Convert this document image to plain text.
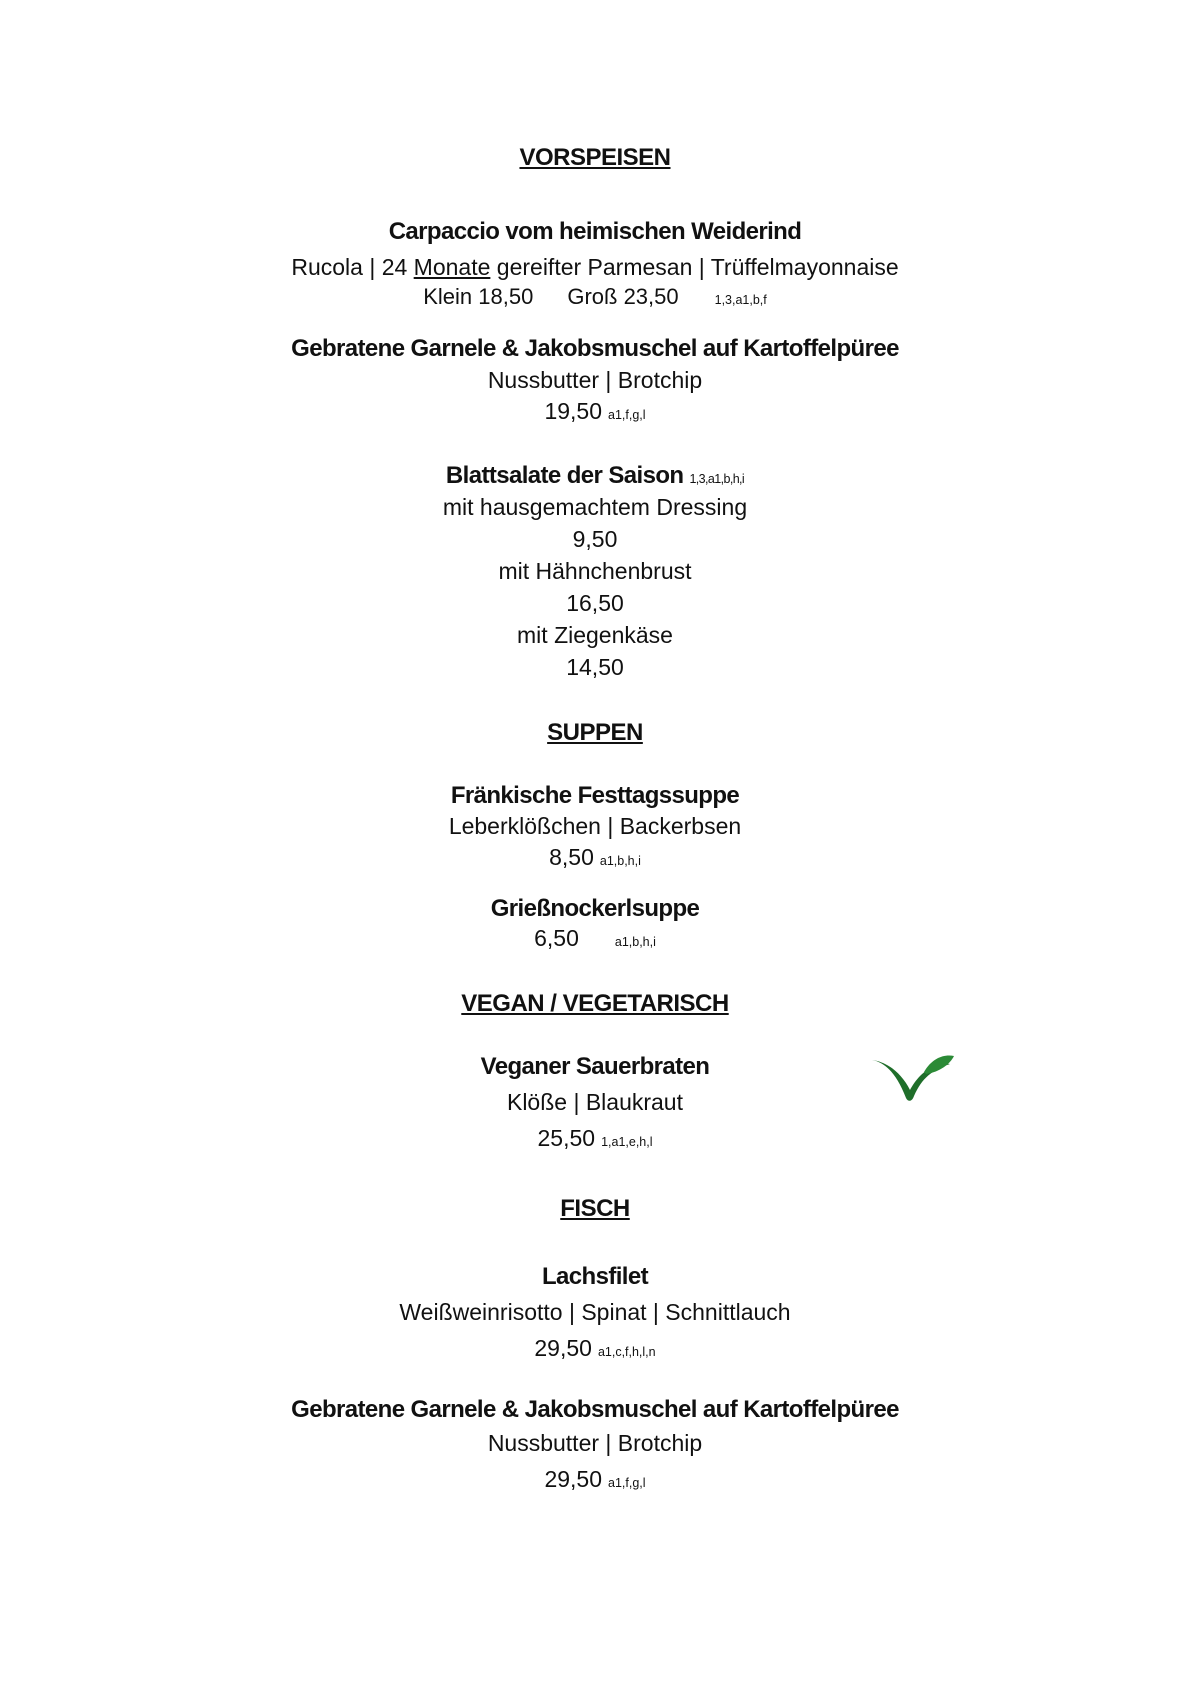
VORSPEISEN
Carpaccio vom heimischen Weiderind
Rucola | 24 Monate gereifter Parmesan | Trüffelmayonnaise
Klein 18,50 Groß 23,50	1,3,a1,b,f
Gebratene Garnele & Jakobsmuschel auf Kartoffelpüree
Nussbutter | Brotchip
19,50 a1,f,g,l
Blattsalate der Saison 1,3,a1,b,h,i
mit hausgemachtem Dressing
9,50
mit Hähnchenbrust
16,50
mit Ziegenkäse
14,50
SUPPEN
Fränkische Festtagssuppe
Leberklößchen | Backerbsen
8,50 a1,b,h,i
Grießnockerlsuppe
6,50	a1,b,h,i
VEGAN / VEGETARISCH
Veganer Sauerbraten
Klöße | Blaukraut
25,50 1,a1,e,h,l
FISCH
Lachsfilet
Weißweinrisotto | Spinat | Schnittlauch
29,50 a1,c,f,h,l,n
Gebratene Garnele & Jakobsmuschel auf Kartoffelpüree
Nussbutter | Brotchip
29,50 a1,f,g,l
